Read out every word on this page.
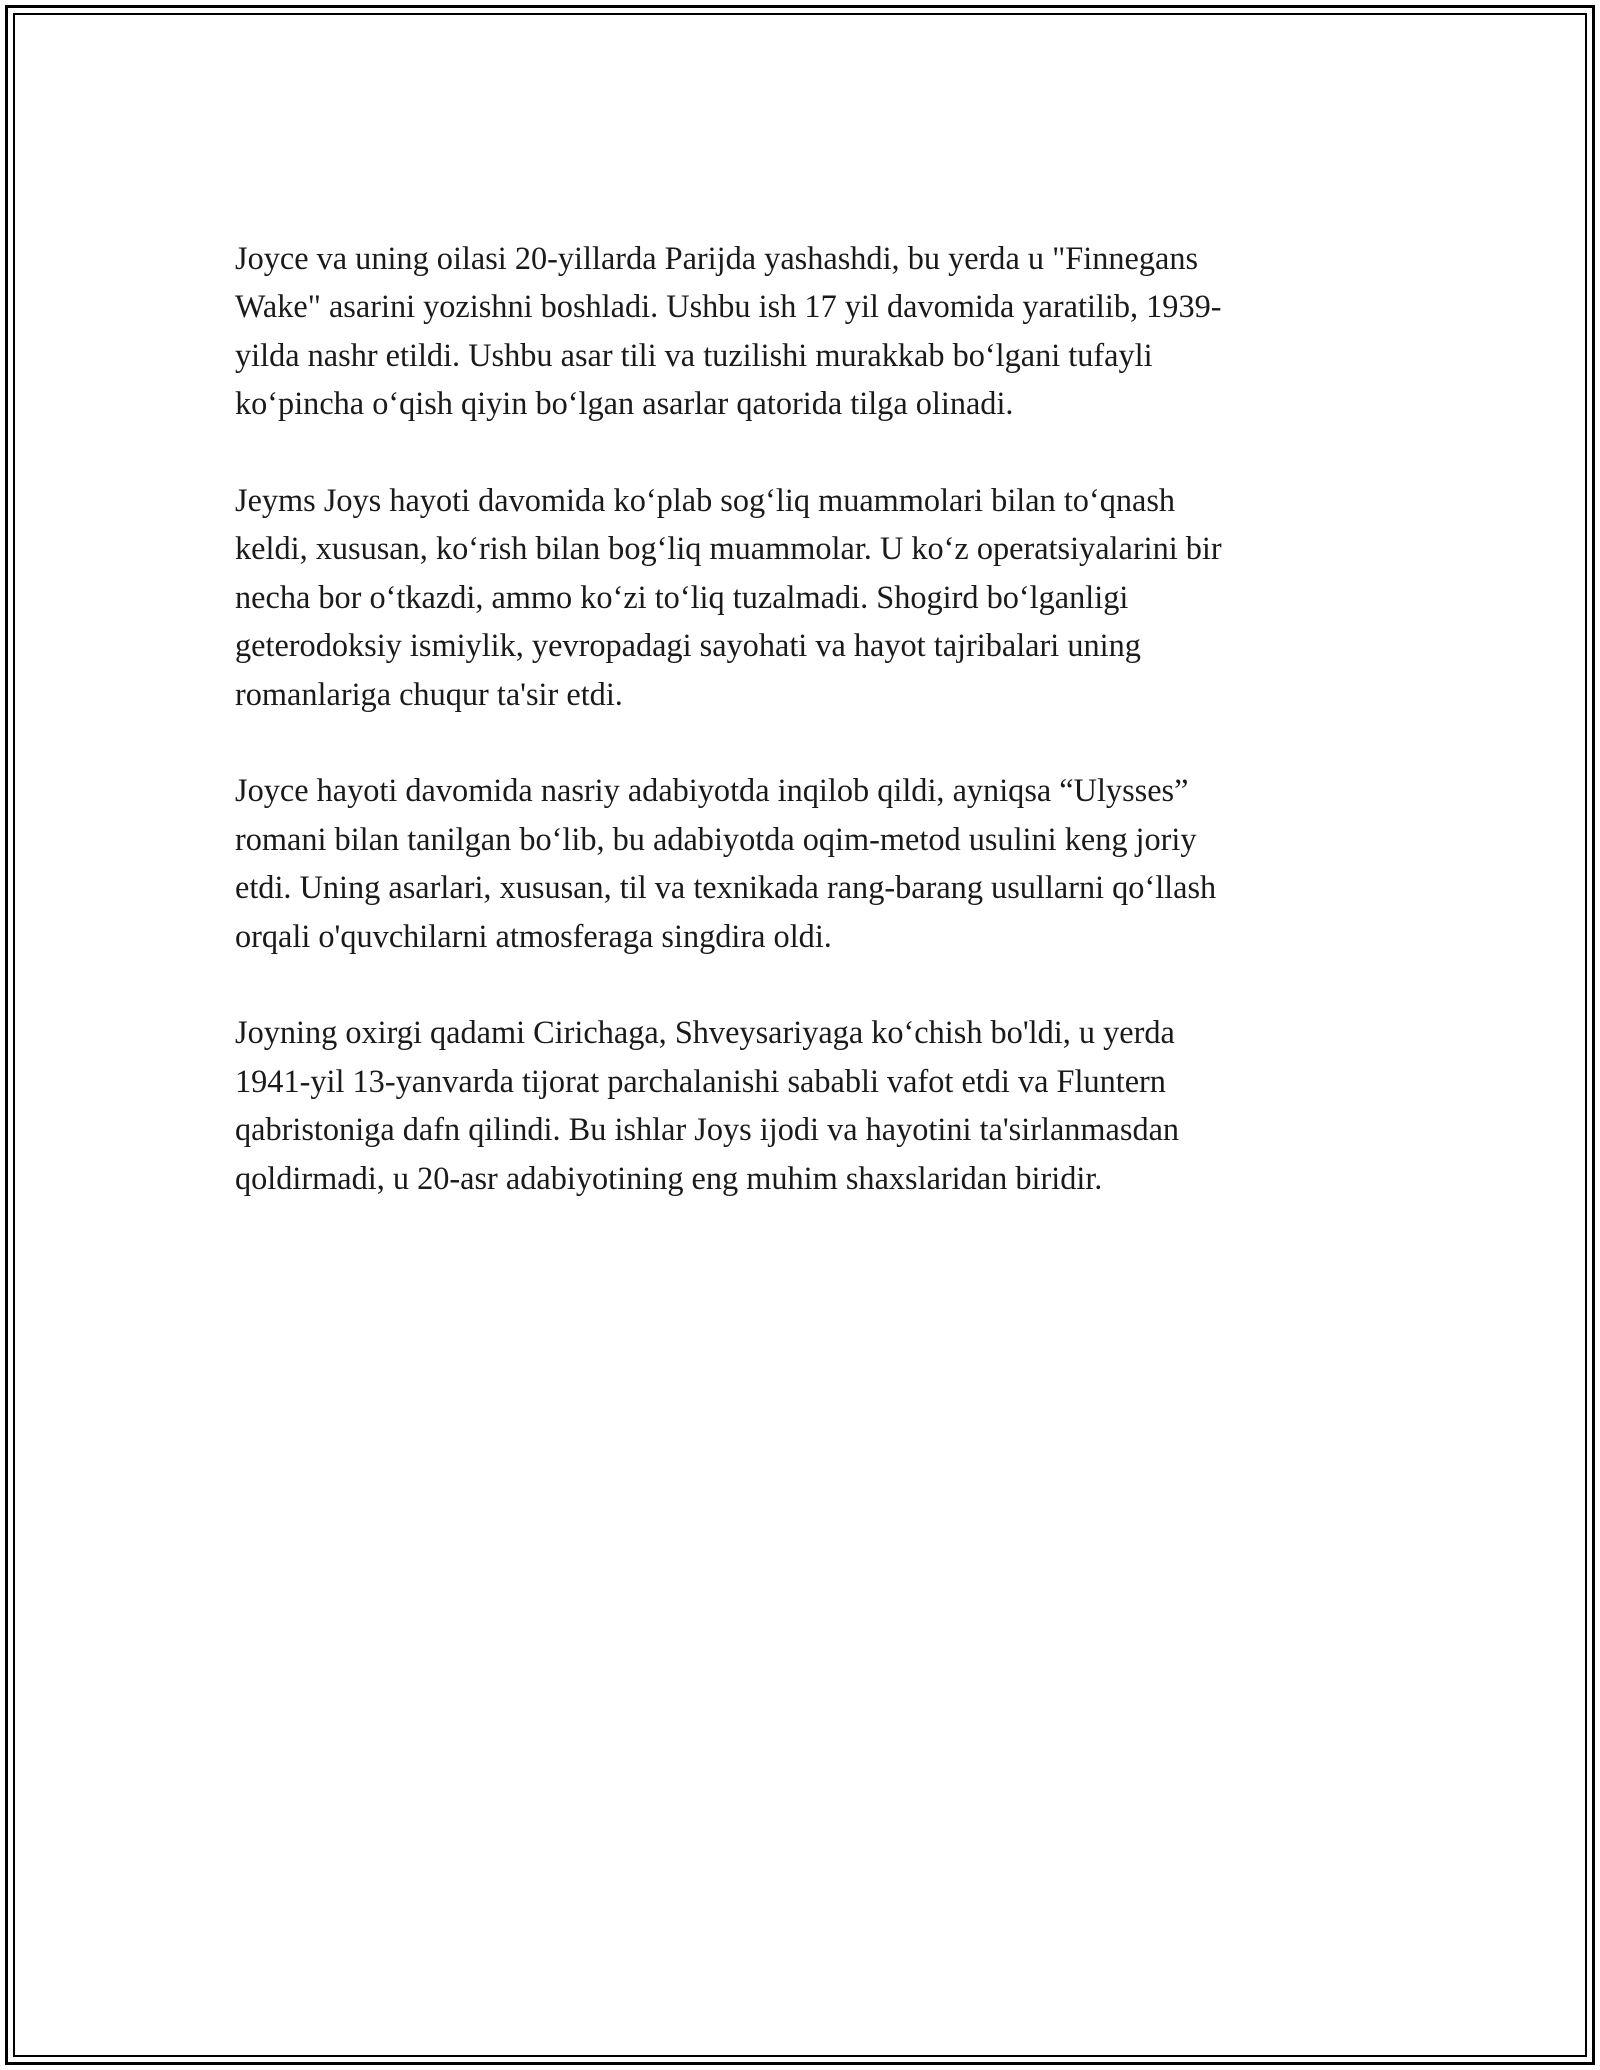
Joyce va uning oilasi 20-yillarda Parijda yashashdi, bu yerda u "Finnegans
Wake" asarini yozishni boshladi. Ushbu ish 17 yil davomida yaratilib, 1939-
yilda nashr etildi. Ushbu asar tili va tuzilishi murakkab bo‘lgani tufayli
ko‘pincha o‘qish qiyin bo‘lgan asarlar qatorida tilga olinadi.

Jeyms Joys hayoti davomida ko‘plab sog‘liq muammolari bilan to‘qnash
keldi, xususan, ko‘rish bilan bog‘liq muammolar. U ko‘z operatsiyalarini bir
necha bor o‘tkazdi, ammo ko‘zi to‘liq tuzalmadi. Shogird bo‘lganligi
geterodoksiy ismiylik, yevropadagi sayohati va hayot tajribalari uning
romanlariga chuqur ta'sir etdi.

Joyce hayoti davomida nasriy adabiyotda inqilob qildi, ayniqsa “Ulysses”
romani bilan tanilgan bo‘lib, bu adabiyotda oqim-metod usulini keng joriy
etdi. Uning asarlari, xususan, til va texnikada rang-barang usullarni qo‘llash
orqali o'quvchilarni atmosferaga singdira oldi.

Joyning oxirgi qadami Cirichaga, Shveysariyaga ko‘chish bo'ldi, u yerda
1941-yil 13-yanvarda tijorat parchalanishi sababli vafot etdi va Fluntern
qabristoniga dafn qilindi. Bu ishlar Joys ijodi va hayotini ta'sirlanmasdan
qoldirmadi, u 20-asr adabiyotining eng muhim shaxslaridan biridir.
